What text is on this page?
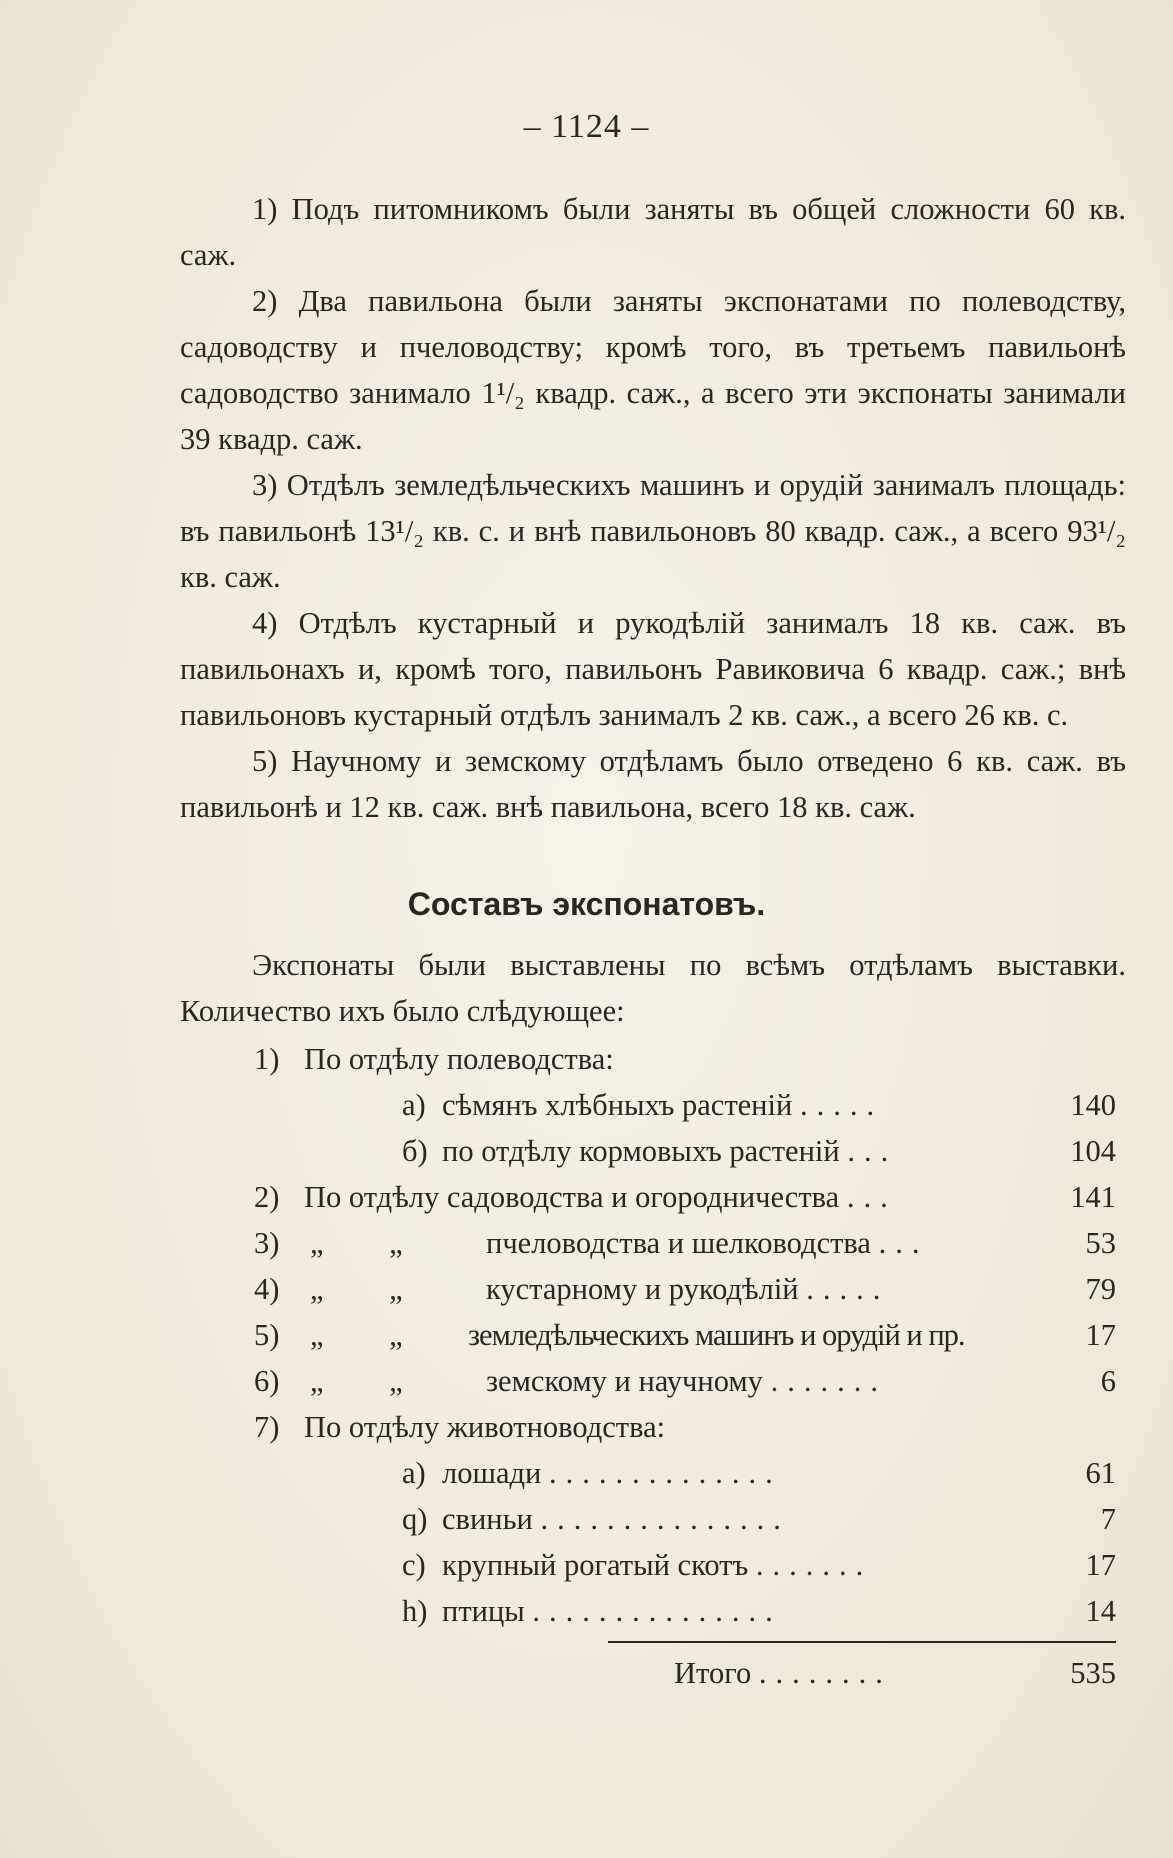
– 1124 –

1) Подъ питомникомъ были заняты въ общей сложности 60 кв. саж.

2) Два павильона были заняты экспонатами по полеводству, садоводству и пчеловодству; кромѣ того, въ третьемъ павильонѣ садоводство занимало 1¹/₂ квадр. саж., а всего эти экспонаты занимали 39 квадр. саж.

3) Отдѣлъ земледѣльческихъ машинъ и орудій занималъ площадь: въ павильонѣ 13¹/₂ кв. с. и внѣ павильоновъ 80 квадр. саж., а всего 93¹/₂ кв. саж.

4) Отдѣлъ кустарный и рукодѣлій занималъ 18 кв. саж. въ павильонахъ и, кромѣ того, павильонъ Равиковича 6 квадр. саж.; внѣ павильоновъ кустарный отдѣлъ занималъ 2 кв. саж., а всего 26 кв. с.

5) Научному и земскому отдѣламъ было отведено 6 кв. саж. въ павильонѣ и 12 кв. саж. внѣ павильона, всего 18 кв. саж.

Составъ экспонатовъ.

Экспонаты были выставлены по всѣмъ отдѣламъ выставки. Количество ихъ было слѣдующее:

1) По отдѣлу полеводства:
а) сѣмянъ хлѣбныхъ растеній .....	140
б) по отдѣлу кормовыхъ растеній ...	104
2) По отдѣлу садоводства и огородничества ...	141
3) „ „	пчеловодства и шелководства ...	53
4) „ „	кустарному и рукодѣлій .....	79
5) „ „ земледѣльческихъ машинъ и орудій и пр.	17
6) „ „	земскому и научному .......	6
7) По отдѣлу животноводства:
а) лошади ..............	61
q) свиньи ...............	7
с) крупный рогатый скотъ .......	17
h) птицы ...............	14
Итого ........	535
